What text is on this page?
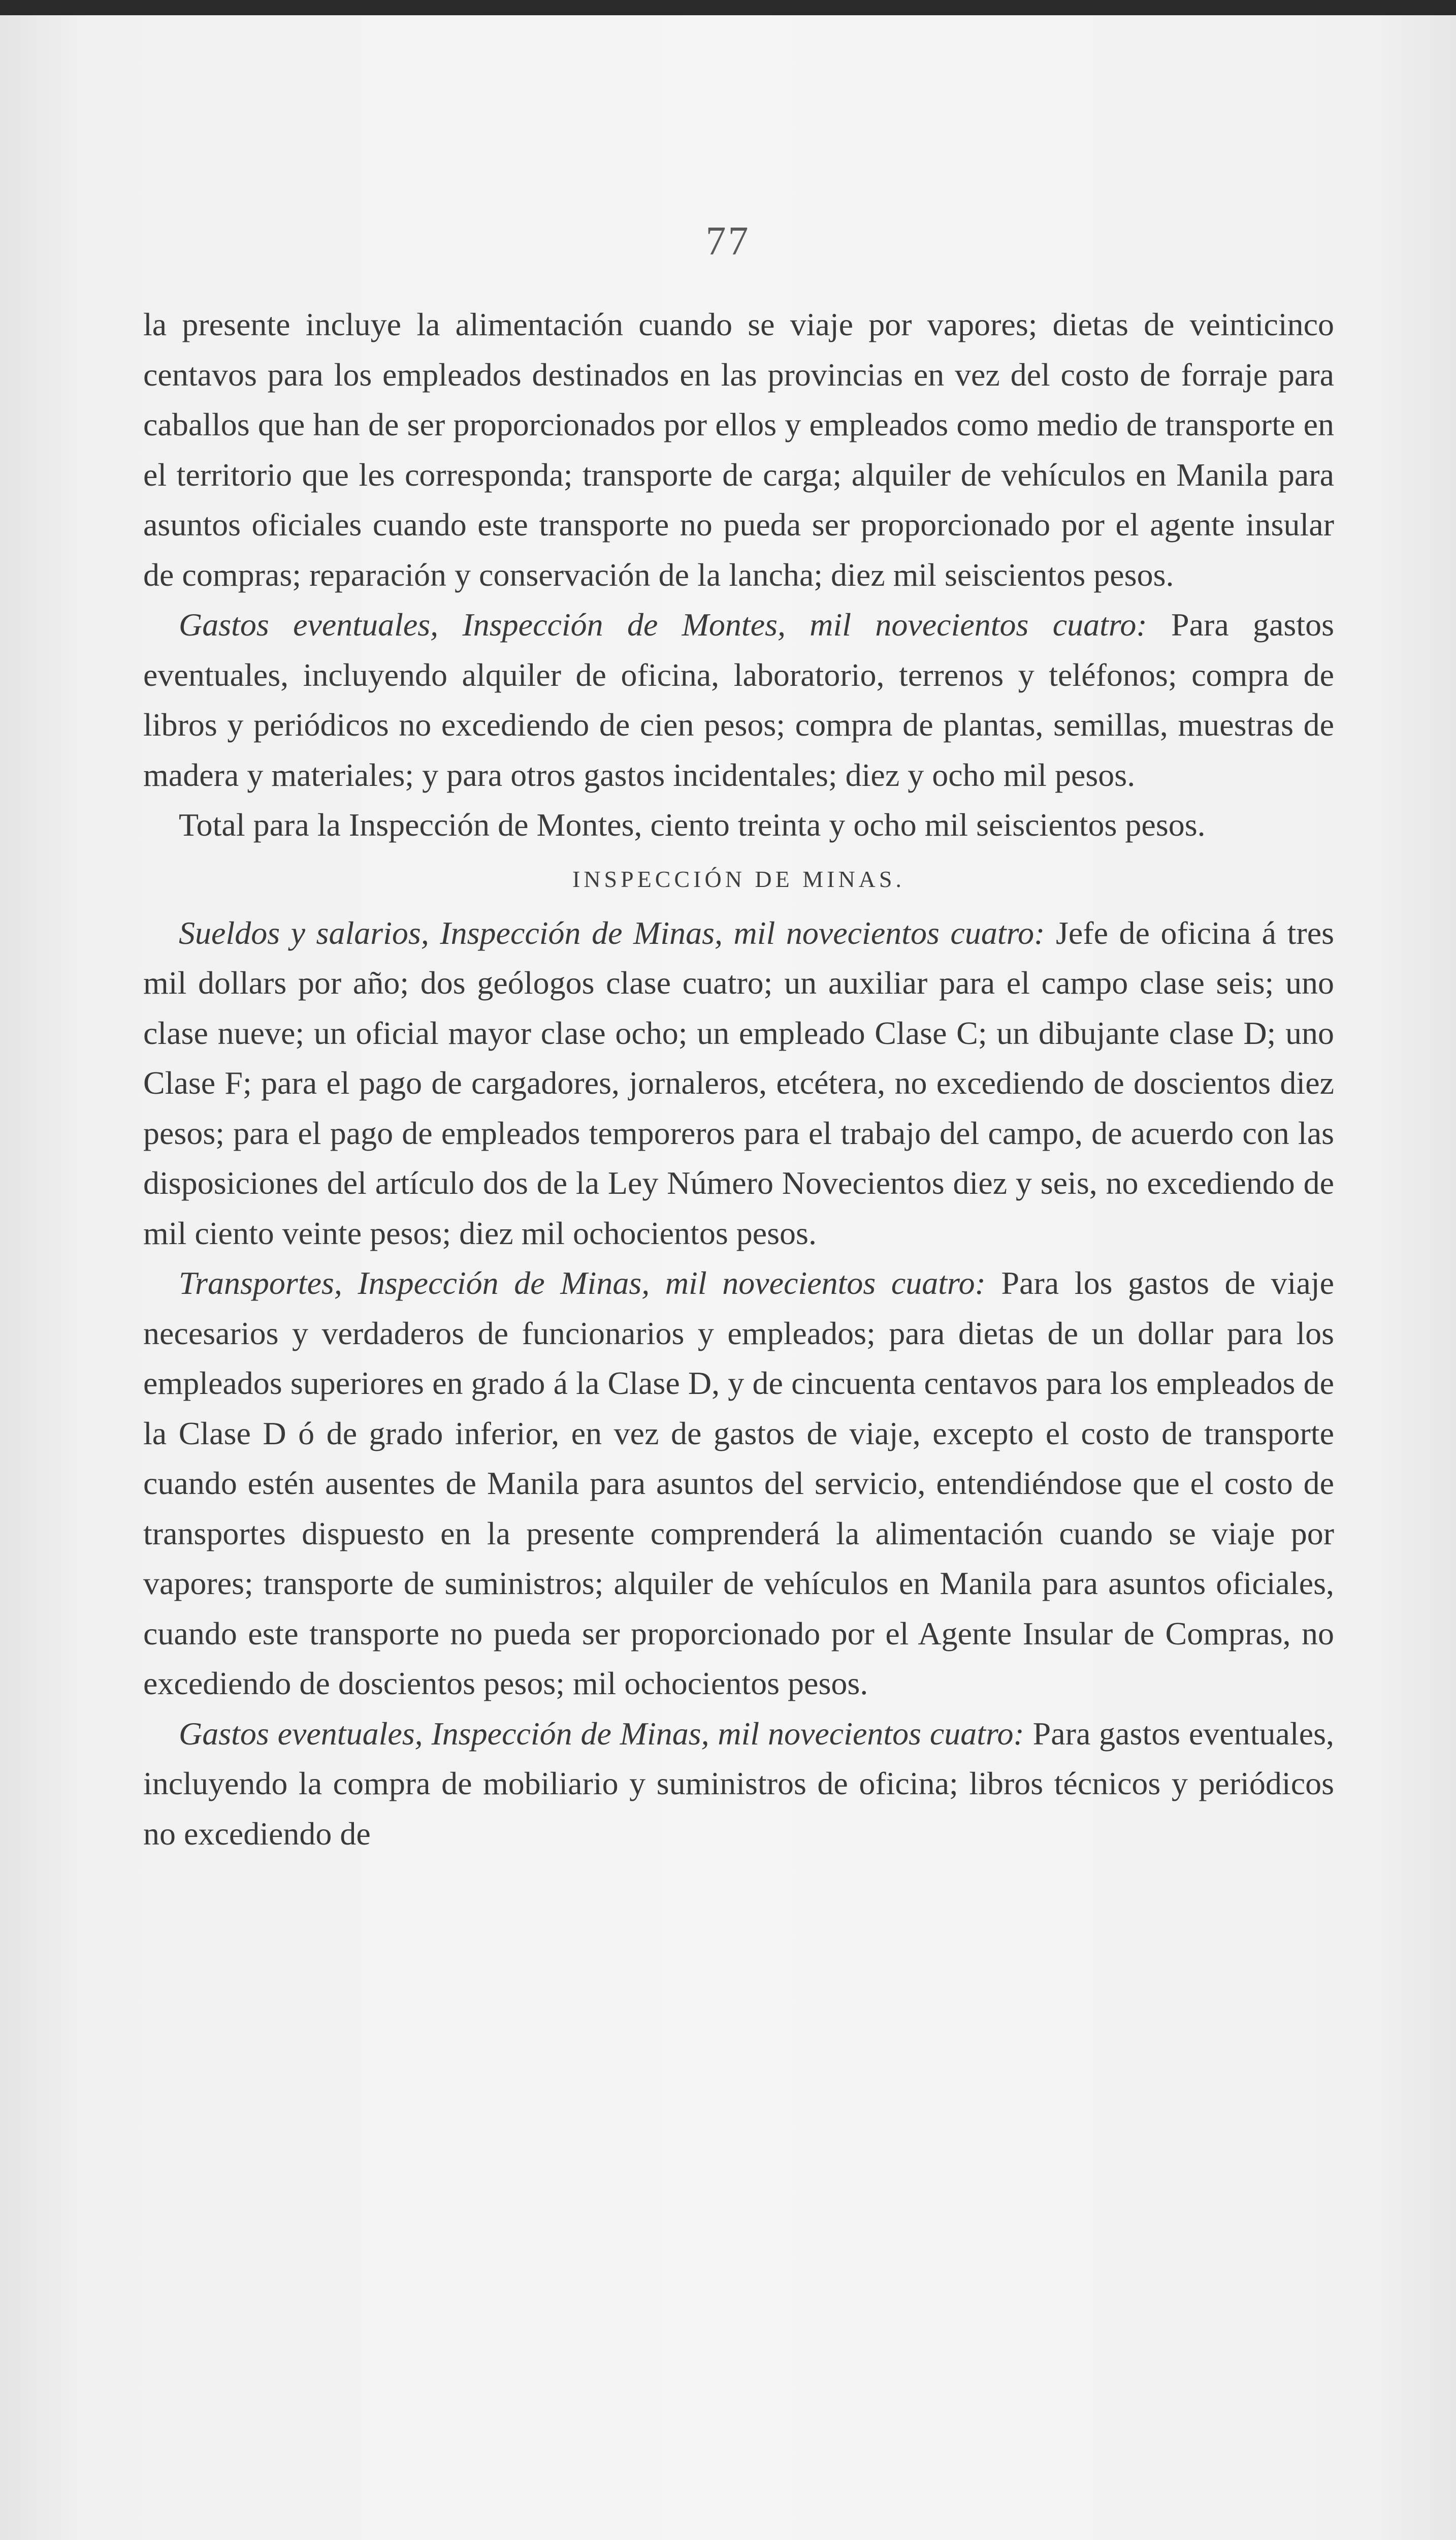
77

la presente incluye la alimentación cuando se viaje por vapores; dietas de veinticinco centavos para los empleados destinados en las provincias en vez del costo de forraje para caballos que han de ser proporcionados por ellos y empleados como medio de transporte en el territorio que les corresponda; transporte de carga; alquiler de vehículos en Manila para asuntos oficiales cuando este transporte no pueda ser proporcionado por el agente insular de compras; reparación y conservación de la lancha; diez mil seiscientos pesos.

Gastos eventuales, Inspección de Montes, mil novecientos cuatro: Para gastos eventuales, incluyendo alquiler de oficina, laboratorio, terrenos y teléfonos; compra de libros y periódicos no excediendo de cien pesos; compra de plantas, semillas, muestras de madera y materiales; y para otros gastos incidentales; diez y ocho mil pesos.

Total para la Inspección de Montes, ciento treinta y ocho mil seiscientos pesos.

INSPECCIÓN DE MINAS.

Sueldos y salarios, Inspección de Minas, mil novecientos cuatro: Jefe de oficina á tres mil dollars por año; dos geólogos clase cuatro; un auxiliar para el campo clase seis; uno clase nueve; un oficial mayor clase ocho; un empleado Clase C; un dibujante clase D; uno Clase F; para el pago de cargadores, jornaleros, etcétera, no excediendo de doscientos diez pesos; para el pago de empleados temporeros para el trabajo del campo, de acuerdo con las disposiciones del artículo dos de la Ley Número Novecientos diez y seis, no excediendo de mil ciento veinte pesos; diez mil ochocientos pesos.

Transportes, Inspección de Minas, mil novecientos cuatro: Para los gastos de viaje necesarios y verdaderos de funcionarios y empleados; para dietas de un dollar para los empleados superiores en grado á la Clase D, y de cincuenta centavos para los empleados de la Clase D ó de grado inferior, en vez de gastos de viaje, excepto el costo de transporte cuando estén ausentes de Manila para asuntos del servicio, entendiéndose que el costo de transportes dispuesto en la presente comprenderá la alimentación cuando se viaje por vapores; transporte de suministros; alquiler de vehículos en Manila para asuntos oficiales, cuando este transporte no pueda ser proporcionado por el Agente Insular de Compras, no excediendo de doscientos pesos; mil ochocientos pesos.

Gastos eventuales, Inspección de Minas, mil novecientos cuatro: Para gastos eventuales, incluyendo la compra de mobiliario y suministros de oficina; libros técnicos y periódicos no excediendo de
